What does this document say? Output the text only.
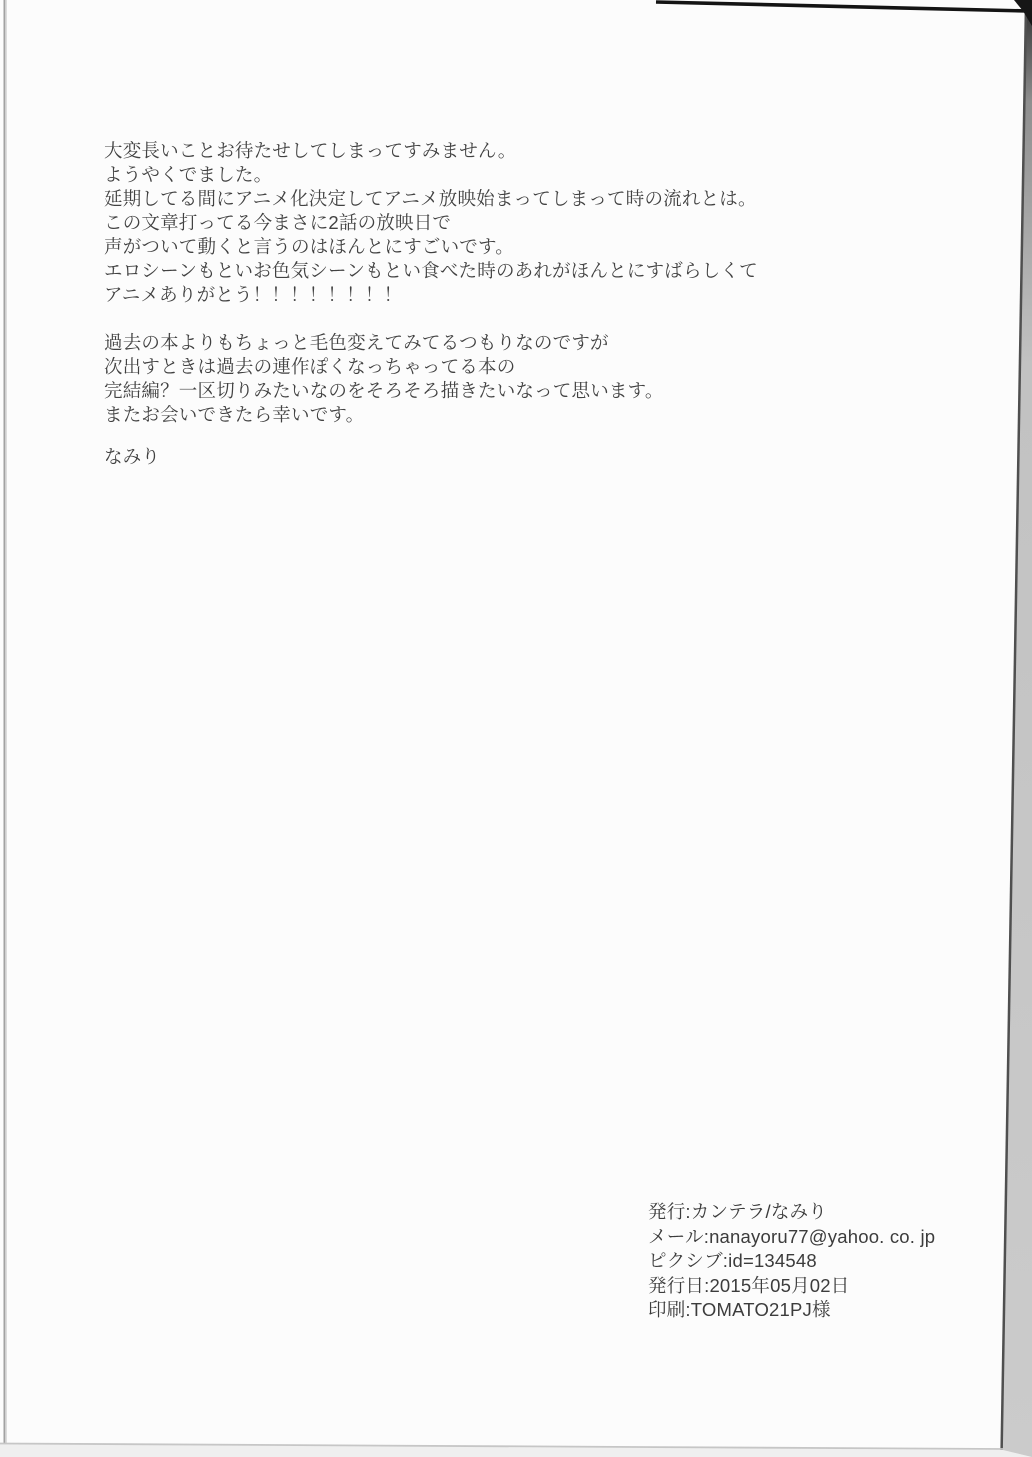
大変長いことお待たせしてしまってすみません。
ようやくでました。
延期してる間にアニメ化決定してアニメ放映始まってしまって時の流れとは。
この文章打ってる今まさに2話の放映日で
声がついて動くと言うのはほんとにすごいです。
エロシーンもといお色気シーンもとい食べた時のあれがほんとにすばらしくて
アニメありがとう！！！！！！！！
過去の本よりもちょっと毛色変えてみてるつもりなのですが
次出すときは過去の連作ぽくなっちゃってる本の
完結編？一区切りみたいなのをそろそろ描きたいなって思います。
またお会いできたら幸いです。
なみり
発行:カンテラ/なみり
メール:nanayoru77@yahoo. co. jp
ピクシブ:id=134548
発行日:2015年05月02日
印刷:TOMATO21PJ様
